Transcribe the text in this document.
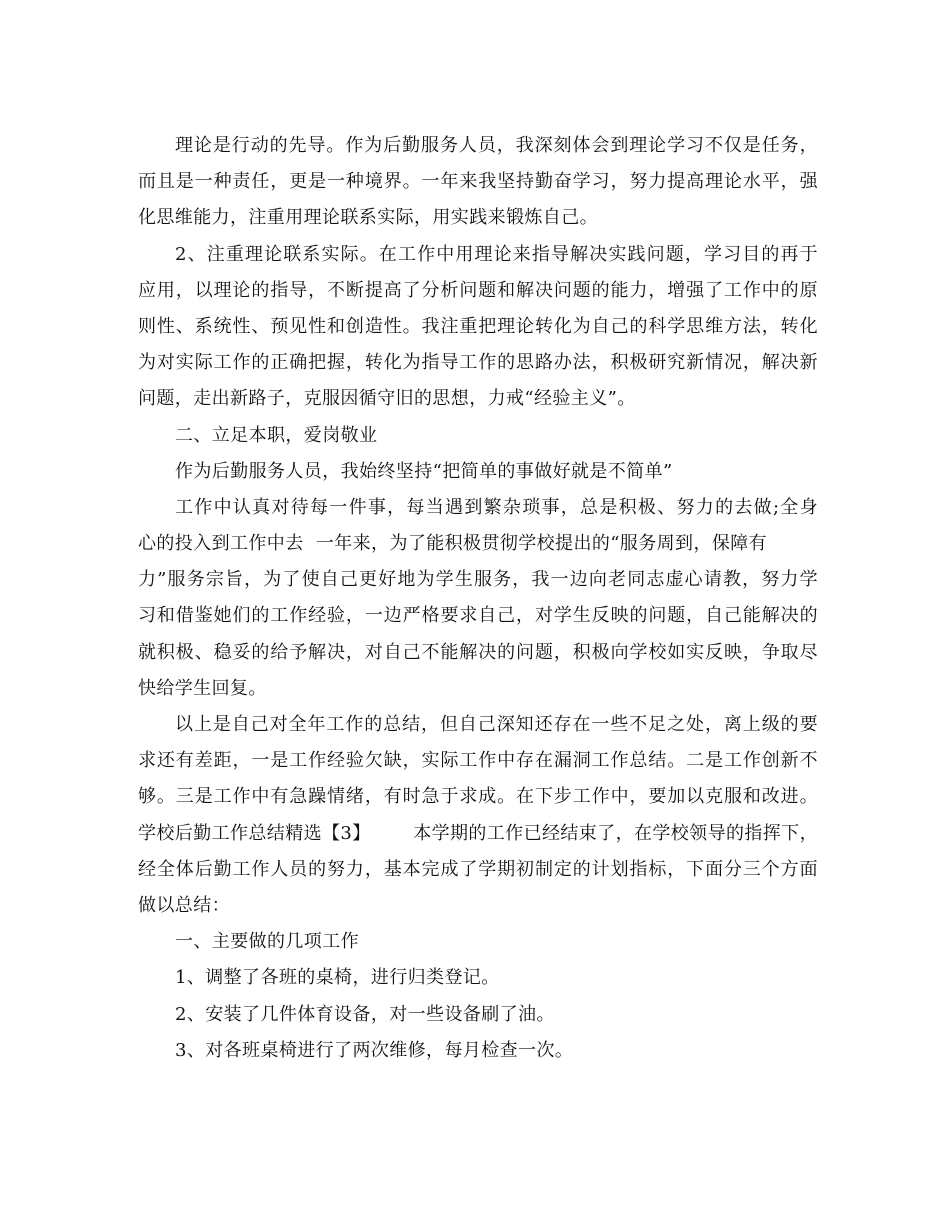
理论是行动的先导。作为后勤服务人员，我深刻体会到理论学习不仅是任务，
而且是一种责任，更是一种境界。一年来我坚持勤奋学习，努力提高理论水平，强
化思维能力，注重用理论联系实际，用实践来锻炼自己。
2、注重理论联系实际。在工作中用理论来指导解决实践问题，学习目的再于
应用，以理论的指导，不断提高了分析问题和解决问题的能力，增强了工作中的原
则性、系统性、预见性和创造性。我注重把理论转化为自己的科学思维方法，转化
为对实际工作的正确把握，转化为指导工作的思路办法，积极研究新情况，解决新
问题，走出新路子，克服因循守旧的思想，力戒“经验主义”。
二、立足本职，爱岗敬业
作为后勤服务人员，我始终坚持“把简单的事做好就是不简单”
工作中认真对待每一件事，每当遇到繁杂琐事，总是积极、努力的去做;全身
心的投入到工作中去  一年来，为了能积极贯彻学校提出的“服务周到，保障有
力”服务宗旨，为了使自己更好地为学生服务，我一边向老同志虚心请教，努力学
习和借鉴她们的工作经验，一边严格要求自己，对学生反映的问题，自己能解决的
就积极、稳妥的给予解决，对自己不能解决的问题，积极向学校如实反映，争取尽
快给学生回复。
以上是自己对全年工作的总结，但自己深知还存在一些不足之处，离上级的要
求还有差距，一是工作经验欠缺，实际工作中存在漏洞工作总结。二是工作创新不
够。三是工作中有急躁情绪，有时急于求成。在下步工作中，要加以克服和改进。
学校后勤工作总结精选【3】 本学期的工作已经结束了，在学校领导的指挥下，
经全体后勤工作人员的努力，基本完成了学期初制定的计划指标，下面分三个方面
做以总结：
一、主要做的几项工作
1、调整了各班的桌椅，进行归类登记。
2、安装了几件体育设备，对一些设备刷了油。
3、对各班桌椅进行了两次维修，每月检查一次。
